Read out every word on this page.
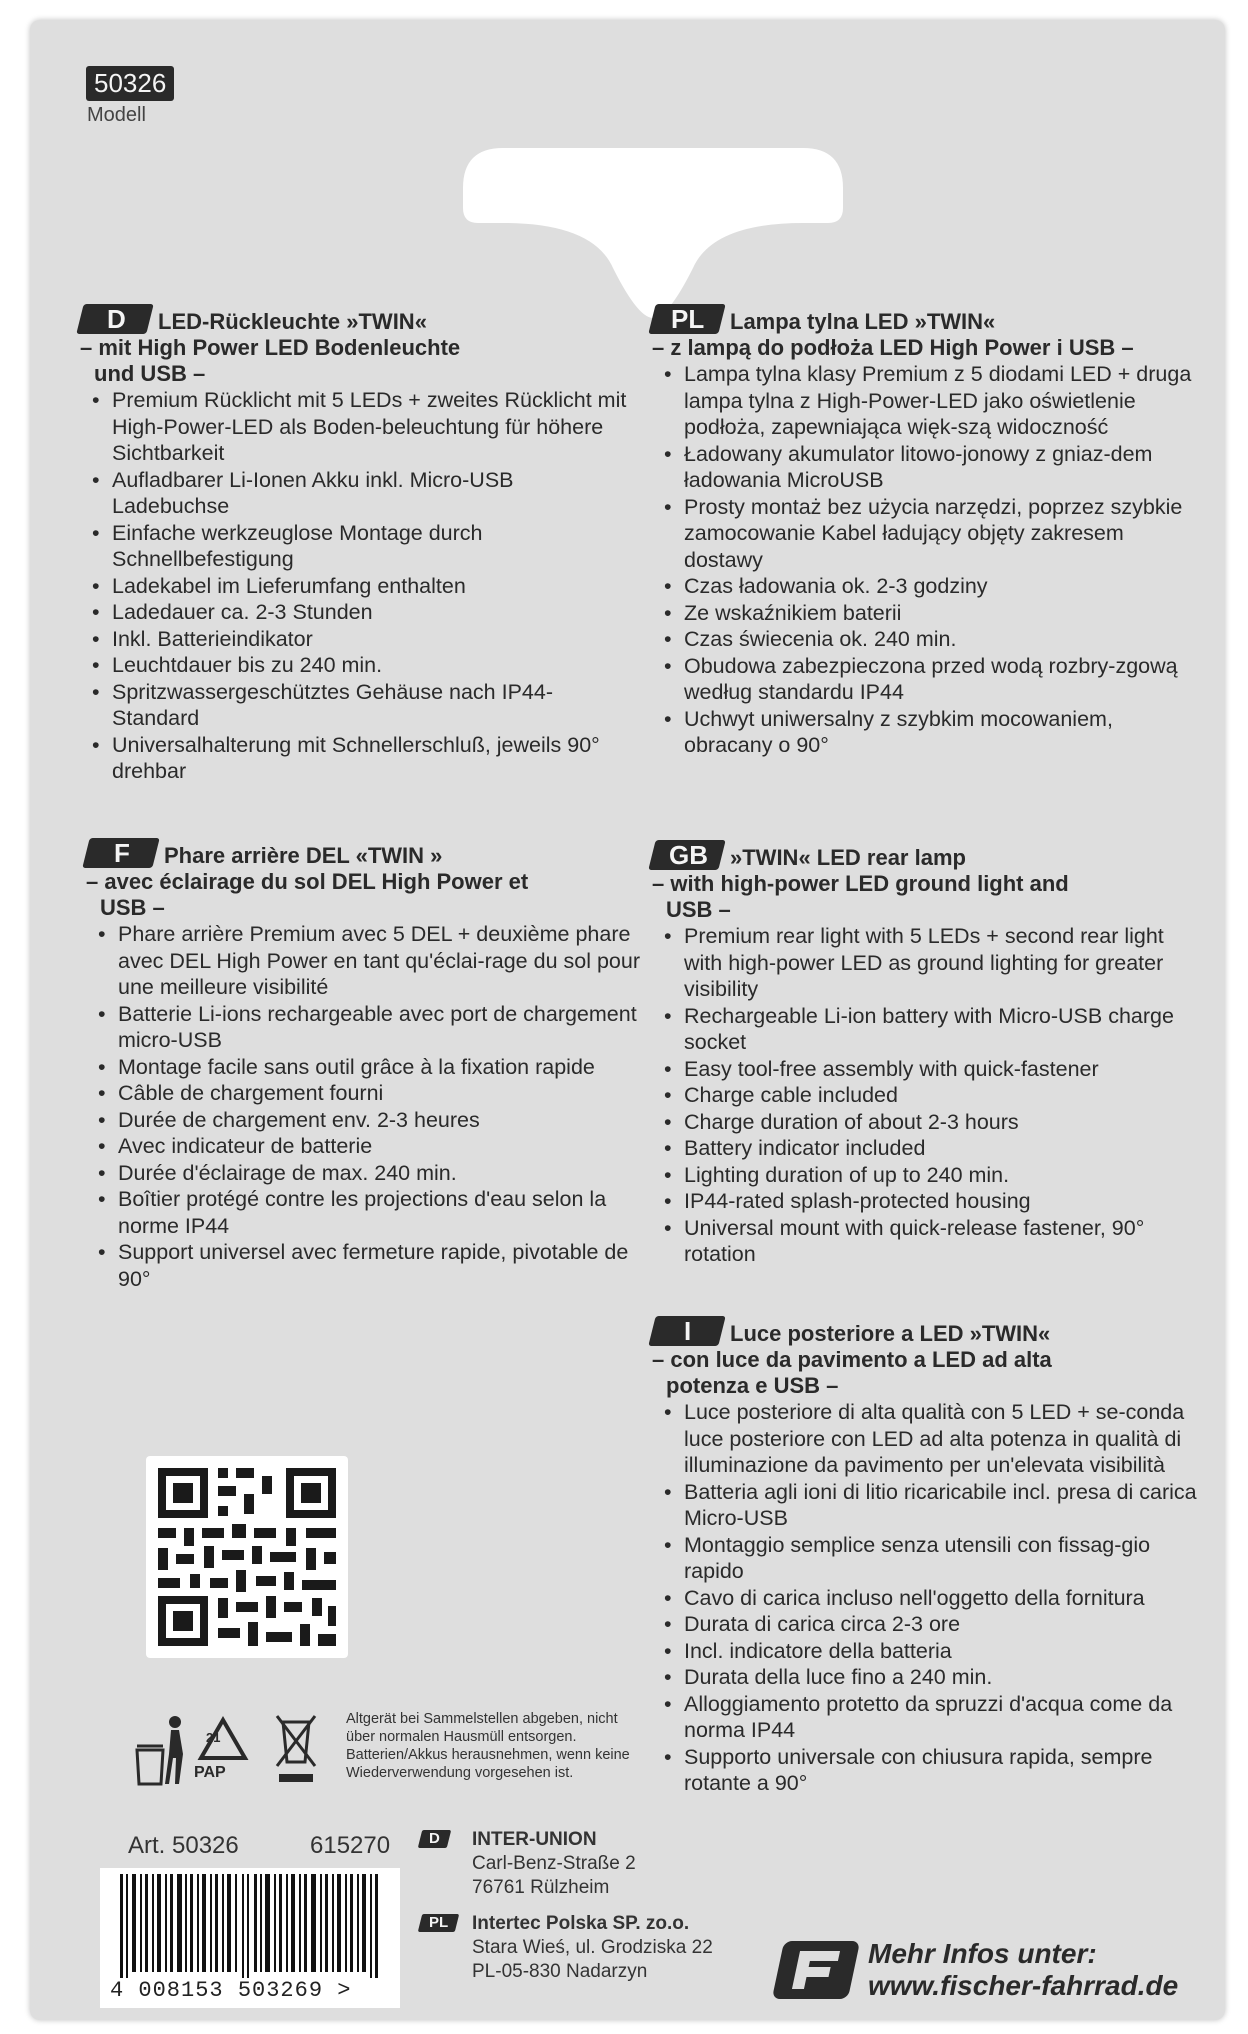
50326
Modell
D	LED-Rückleuchte »TWIN«
– mit High Power LED Bodenleuchte
und USB –
• Premium Rücklicht mit 5 LEDs + zweites Rücklicht mit High-Power-LED als Boden-beleuchtung für höhere Sichtbarkeit
• Aufladbarer Li-Ionen Akku inkl. Micro-USB Ladebuchse
• Einfache werkzeuglose Montage durch Schnellbefestigung
• Ladekabel im Lieferumfang enthalten
• Ladedauer ca. 2-3 Stunden
• Inkl. Batterieindikator
• Leuchtdauer bis zu 240 min.
• Spritzwassergeschütztes Gehäuse nach IP44-Standard
• Universalhalterung mit Schnellerschluß, jeweils 90° drehbar
PL	Lampa tylna LED »TWIN«
– z lampą do podłoża LED High Power i USB –
• Lampa tylna klasy Premium z 5 diodami LED + druga lampa tylna z High-Power-LED jako oświetlenie podłoża, zapewniająca więk-szą widoczność
• Ładowany akumulator litowo-jonowy z gniaz-dem ładowania MicroUSB
• Prosty montaż bez użycia narzędzi, poprzez szybkie zamocowanie Kabel ładujący objęty zakresem dostawy
• Czas ładowania ok. 2-3 godziny
• Ze wskaźnikiem baterii
• Czas świecenia ok. 240 min.
• Obudowa zabezpieczona przed wodą rozbry-zgową według standardu IP44
• Uchwyt uniwersalny z szybkim mocowaniem, obracany o 90°
F	Phare arrière DEL «TWIN »
– avec éclairage du sol DEL High Power et
USB –
• Phare arrière Premium avec 5 DEL + deuxième phare avec DEL High Power en tant qu'éclai-rage du sol pour une meilleure visibilité
• Batterie Li-ions rechargeable avec port de chargement micro-USB
• Montage facile sans outil grâce à la fixation rapide
• Câble de chargement fourni
• Durée de chargement env. 2-3 heures
• Avec indicateur de batterie
• Durée d'éclairage de max. 240 min.
• Boîtier protégé contre les projections d'eau selon la norme IP44
• Support universel avec fermeture rapide, pivotable de 90°
GB	»TWIN« LED rear lamp
– with high-power LED ground light and
USB –
• Premium rear light with 5 LEDs + second rear light with high-power LED as ground lighting for greater visibility
• Rechargeable Li-ion battery with Micro-USB charge socket
• Easy tool-free assembly with quick-fastener
• Charge cable included
• Charge duration of about 2-3 hours
• Battery indicator included
• Lighting duration of up to 240 min.
• IP44-rated splash-protected housing
• Universal mount with quick-release fastener, 90° rotation
I	Luce posteriore a LED »TWIN«
– con luce da pavimento a LED ad alta
potenza e USB –
• Luce posteriore di alta qualità con 5 LED + se-conda luce posteriore con LED ad alta potenza in qualità di illuminazione da pavimento per un'elevata visibilità
• Batteria agli ioni di litio ricaricabile incl. presa di carica Micro-USB
• Montaggio semplice senza utensili con fissag-gio rapido
• Cavo di carica incluso nell'oggetto della fornitura
• Durata di carica circa 2-3 ore
• Incl. indicatore della batteria
• Durata della luce fino a 240 min.
• Alloggiamento protetto da spruzzi d'acqua come da norma IP44
• Supporto universale con chiusura rapida, sempre rotante a 90°
21
PAP
Altgerät bei Sammelstellen abgeben, nicht über normalen Hausmüll entsorgen. Batterien/Akkus herausnehmen, wenn keine Wiederverwendung vorgesehen ist.
Art. 50326	615270
4 008153 503269 >
D	INTER-UNION
Carl-Benz-Straße 2
76761 Rülzheim
PL	Intertec Polska SP. zo.o.
Stara Wieś, ul. Grodziska 22
PL-05-830 Nadarzyn
Mehr Infos unter:
www.fischer-fahrrad.de
